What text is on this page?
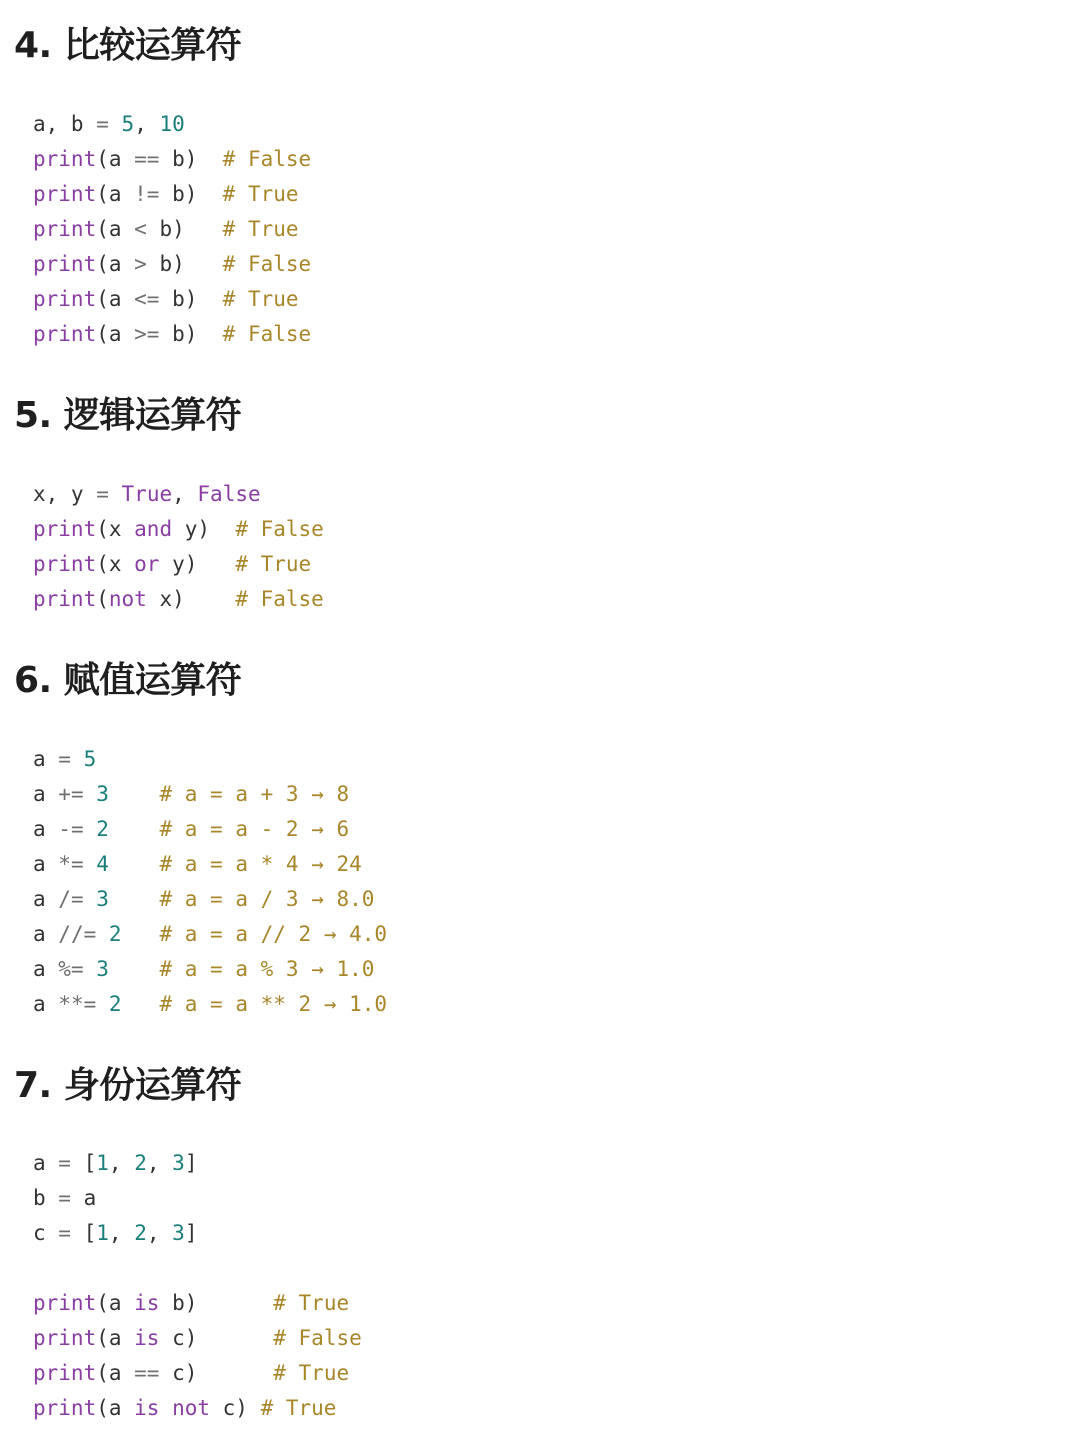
4. 比较运算符
a, b = 5, 10
print(a == b)  # False
print(a != b)  # True
print(a < b)   # True
print(a > b)   # False
print(a <= b)  # True
print(a >= b)  # False
5. 逻辑运算符
x, y = True, False
print(x and y)  # False
print(x or y)   # True
print(not x)    # False
6. 赋值运算符
a = 5
a += 3 # a = a + 3 → 8
a -= 2 # a = a - 2 → 6
a *= 4 # a = a * 4 → 24
a /= 3 # a = a / 3 → 8.0
a //= 2 # a = a // 2 → 4.0
a %= 3 # a = a % 3 → 1.0
a **= 2 # a = a ** 2 → 1.0
7. 身份运算符
a = [1, 2, 3]
b = a
c = [1, 2, 3]
print(a is b)      # True
print(a is c)      # False
print(a == c)      # True
print(a is not c) # True
